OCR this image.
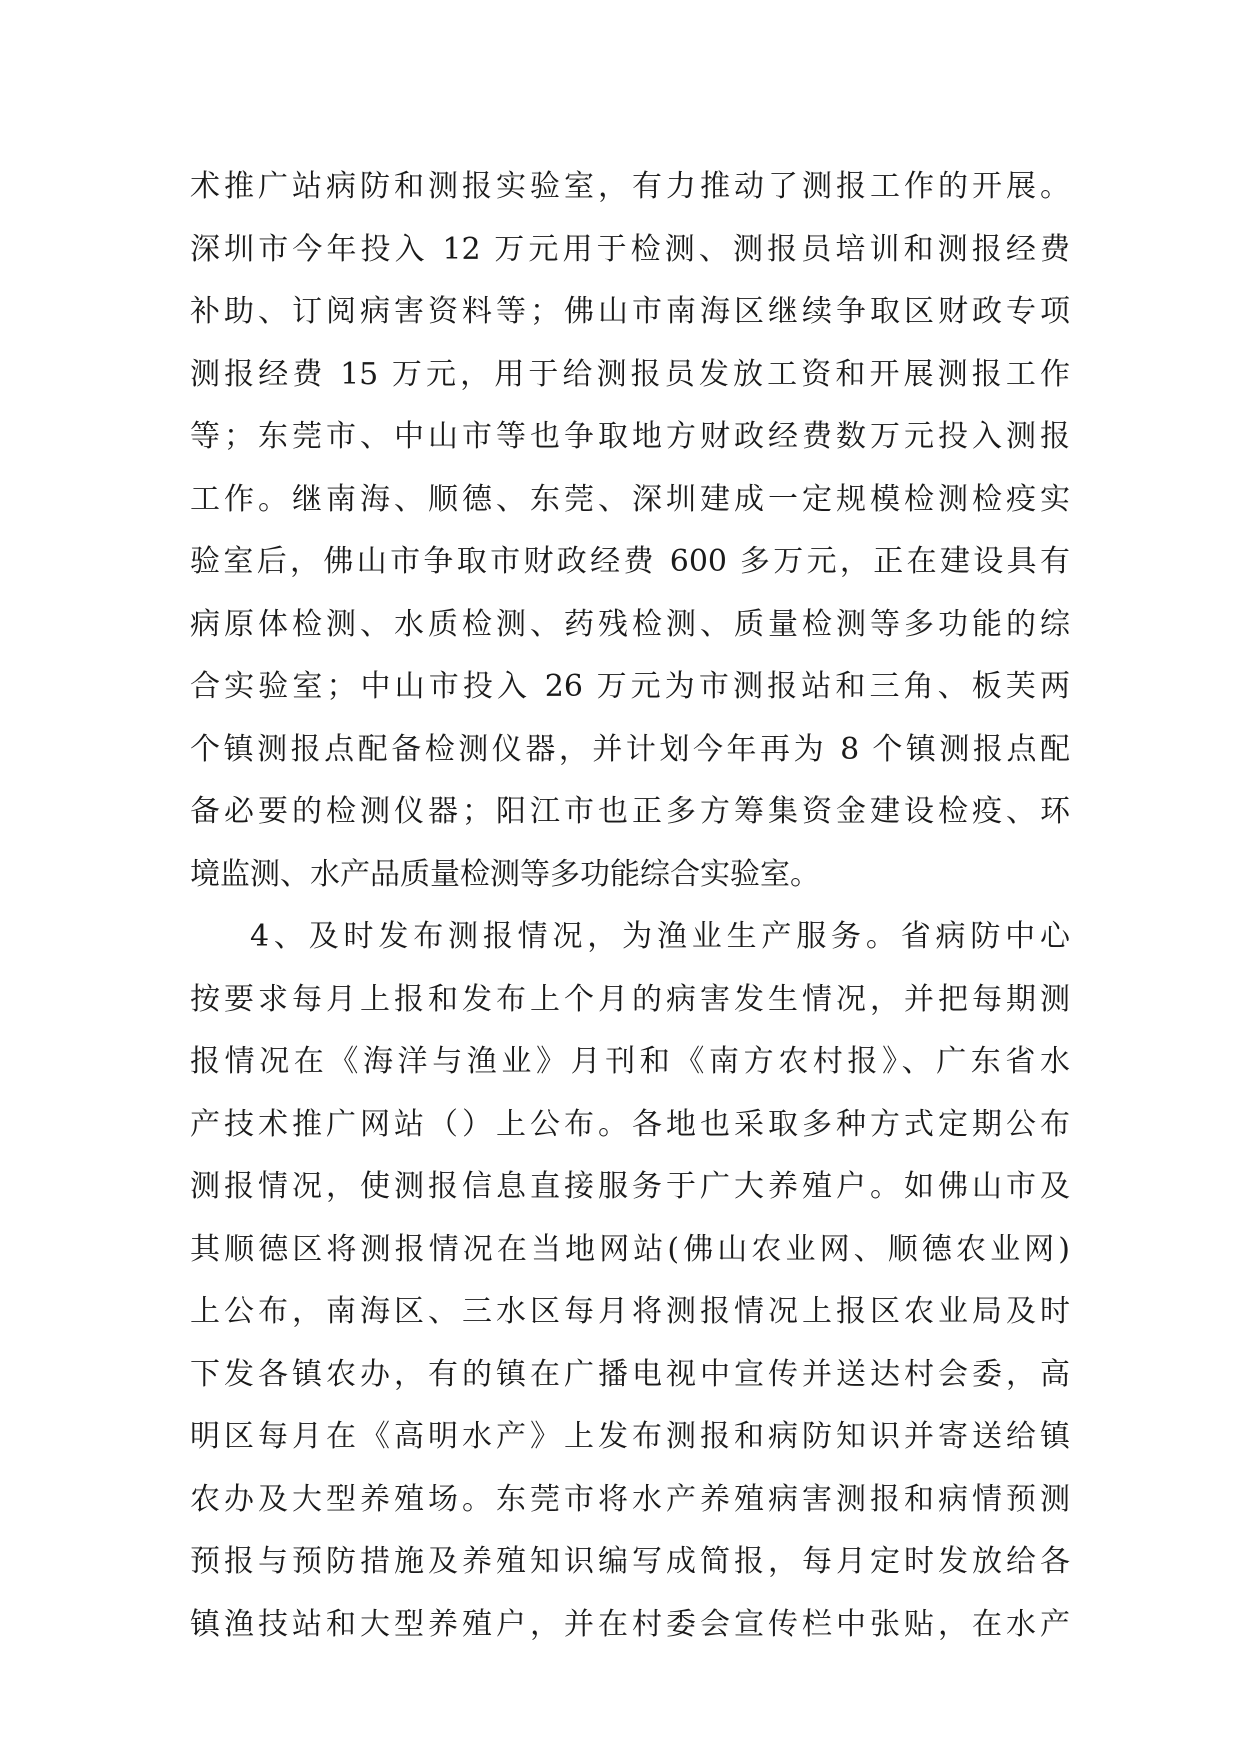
术推广站病防和测报实验室，有力推动了测报工作的开展。
深圳市今年投入 12 万元用于检测、测报员培训和测报经费
补助、订阅病害资料等；佛山市南海区继续争取区财政专项
测报经费 15 万元，用于给测报员发放工资和开展测报工作
等；东莞市、中山市等也争取地方财政经费数万元投入测报
工作。继南海、顺德、东莞、深圳建成一定规模检测检疫实
验室后，佛山市争取市财政经费 600 多万元，正在建设具有
病原体检测、水质检测、药残检测、质量检测等多功能的综
合实验室；中山市投入 26 万元为市测报站和三角、板芙两
个镇测报点配备检测仪器，并计划今年再为 8 个镇测报点配
备必要的检测仪器；阳江市也正多方筹集资金建设检疫、环
境监测、水产品质量检测等多功能综合实验室。
4、及时发布测报情况，为渔业生产服务。省病防中心
按要求每月上报和发布上个月的病害发生情况，并把每期测
报情况在《海洋与渔业》月刊和《南方农村报》、广东省水
产技术推广网站（）上公布。各地也采取多种方式定期公布
测报情况，使测报信息直接服务于广大养殖户。如佛山市及
其顺德区将测报情况在当地网站(佛山农业网、顺德农业网)
上公布，南海区、三水区每月将测报情况上报区农业局及时
下发各镇农办，有的镇在广播电视中宣传并送达村会委，高
明区每月在《高明水产》上发布测报和病防知识并寄送给镇
农办及大型养殖场。东莞市将水产养殖病害测报和病情预测
预报与预防措施及养殖知识编写成简报，每月定时发放给各
镇渔技站和大型养殖户，并在村委会宣传栏中张贴，在水产
